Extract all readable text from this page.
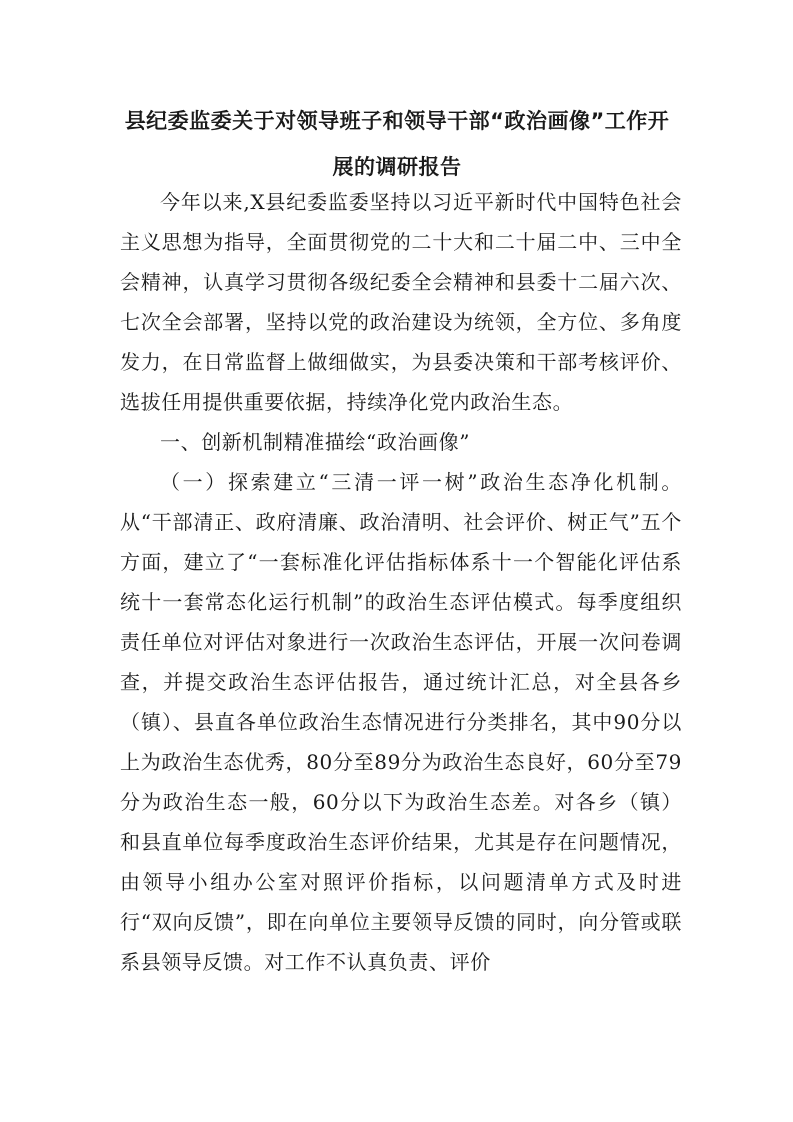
县纪委监委关于对领导班子和领导干部“政治画像”工作开展的调研报告

今年以来,X县纪委监委坚持以习近平新时代中国特色社会主义思想为指导，全面贯彻党的二十大和二十届二中、三中全会精神，认真学习贯彻各级纪委全会精神和县委十二届六次、七次全会部署，坚持以党的政治建设为统领，全方位、多角度发力，在日常监督上做细做实，为县委决策和干部考核评价、选拔任用提供重要依据，持续净化党内政治生态。

一、创新机制精准描绘“政治画像”

（一）探索建立“三清一评一树”政治生态净化机制。从“干部清正、政府清廉、政治清明、社会评价、树正气”五个方面，建立了“一套标准化评估指标体系十一个智能化评估系统十一套常态化运行机制”的政治生态评估模式。每季度组织责任单位对评估对象进行一次政治生态评估，开展一次问卷调查，并提交政治生态评估报告，通过统计汇总，对全县各乡（镇）、县直各单位政治生态情况进行分类排名，其中90分以上为政治生态优秀，80分至89分为政治生态良好，60分至79分为政治生态一般，60分以下为政治生态差。对各乡（镇）和县直单位每季度政治生态评价结果，尤其是存在问题情况，由领导小组办公室对照评价指标，以问题清单方式及时进行“双向反馈”，即在向单位主要领导反馈的同时，向分管或联系县领导反馈。对工作不认真负责、评价
